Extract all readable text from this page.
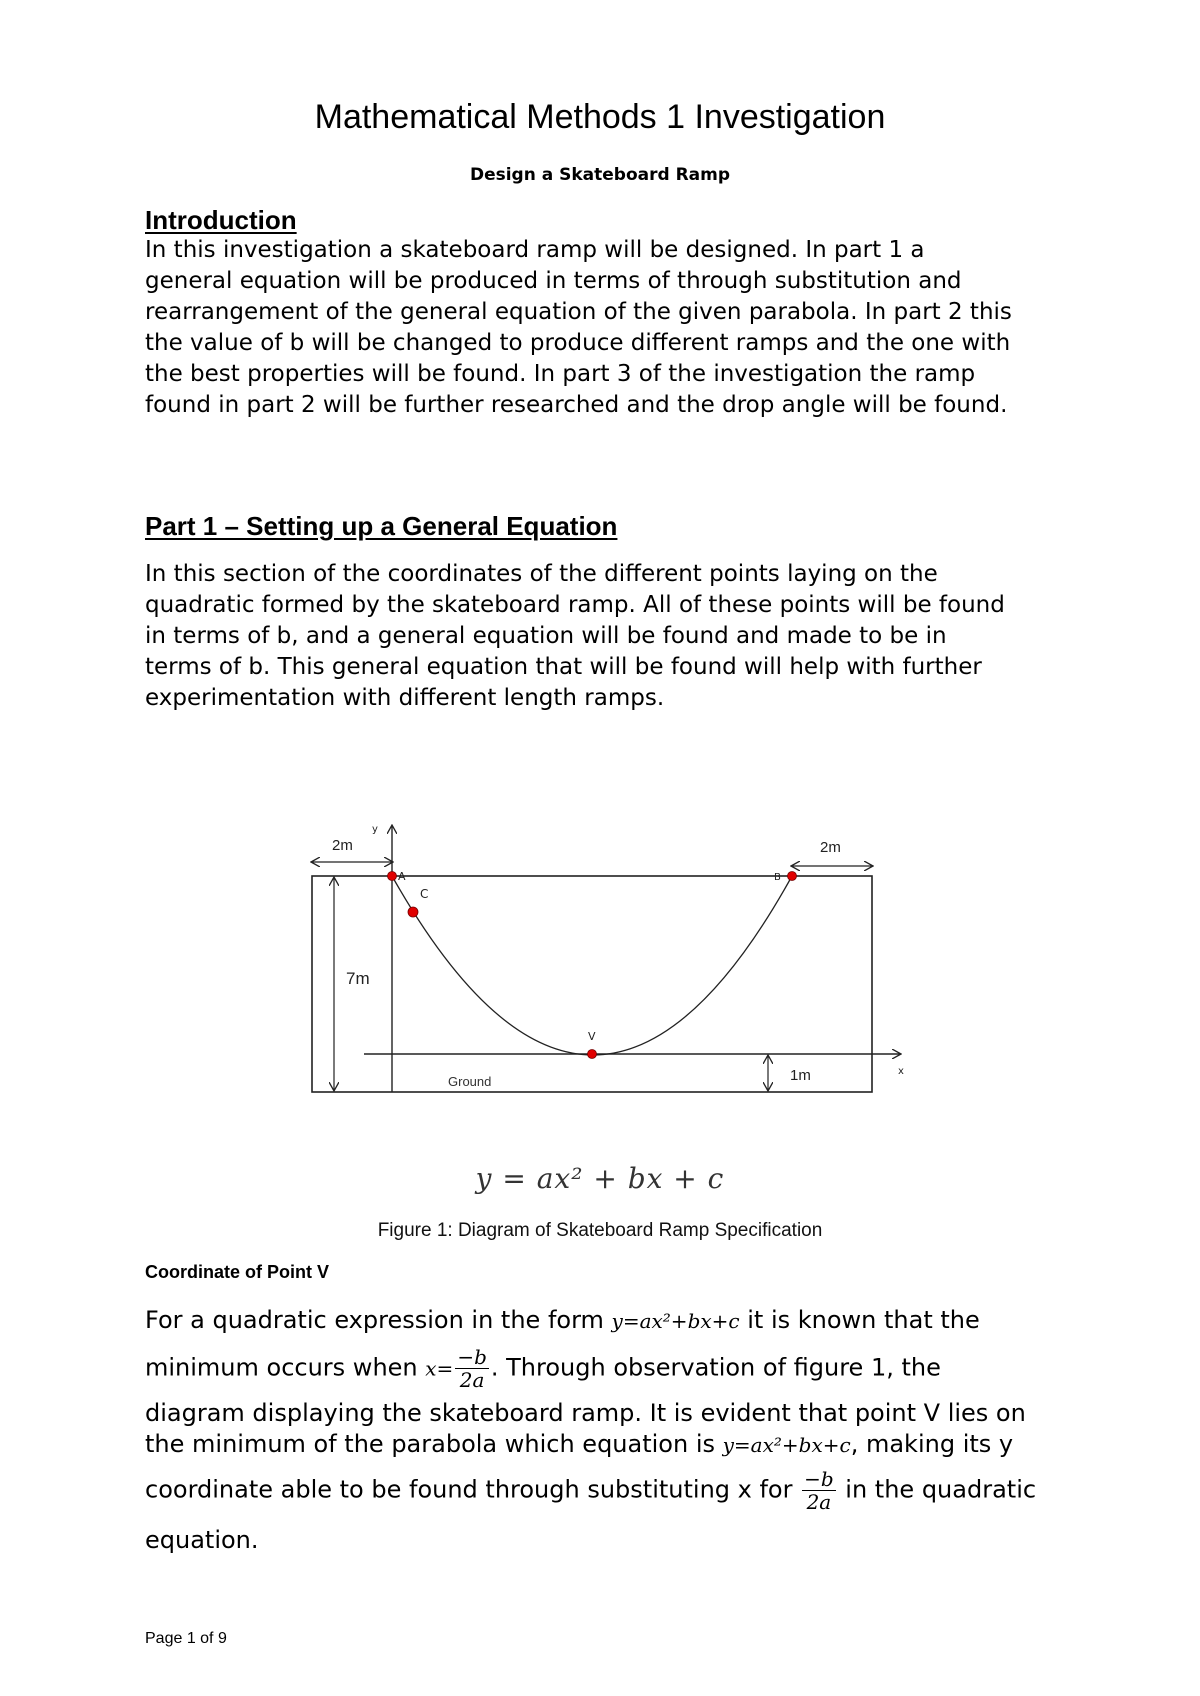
Mathematical Methods 1 Investigation
Design a Skateboard Ramp
Introduction
In this investigation a skateboard ramp will be designed. In part 1 a
general equation will be produced in terms of through substitution and
rearrangement of the general equation of the given parabola. In part 2 this
the value of b will be changed to produce different ramps and the one with
the best properties will be found. In part 3 of the investigation the ramp
found in part 2 will be further researched and the drop angle will be found.
Part 1 – Setting up a General Equation
In this section of the coordinates of the different points laying on the
quadratic formed by the skateboard ramp. All of these points will be found
in terms of b, and a general equation will be found and made to be in
terms of b. This general equation that will be found will help with further
experimentation with different length ramps.
2m	2m
7m
1m
Ground
y
x
A
C
B
V
y = ax² + bx + c
Figure 1: Diagram of Skateboard Ramp Specification
Coordinate of Point V
For a quadratic expression in the form y=ax²+bx+c it is known that the
minimum occurs when $x= \frac{-b}{2a}$ . Through observation of figure 1, the
diagram displaying the skateboard ramp. It is evident that point V lies on
the minimum of the parabola which equation is y=ax²+bx+c, making its y
coordinate able to be found through substituting x for $\frac{-b}{2a}$ in the quadratic
equation.
Page 1 of 9
